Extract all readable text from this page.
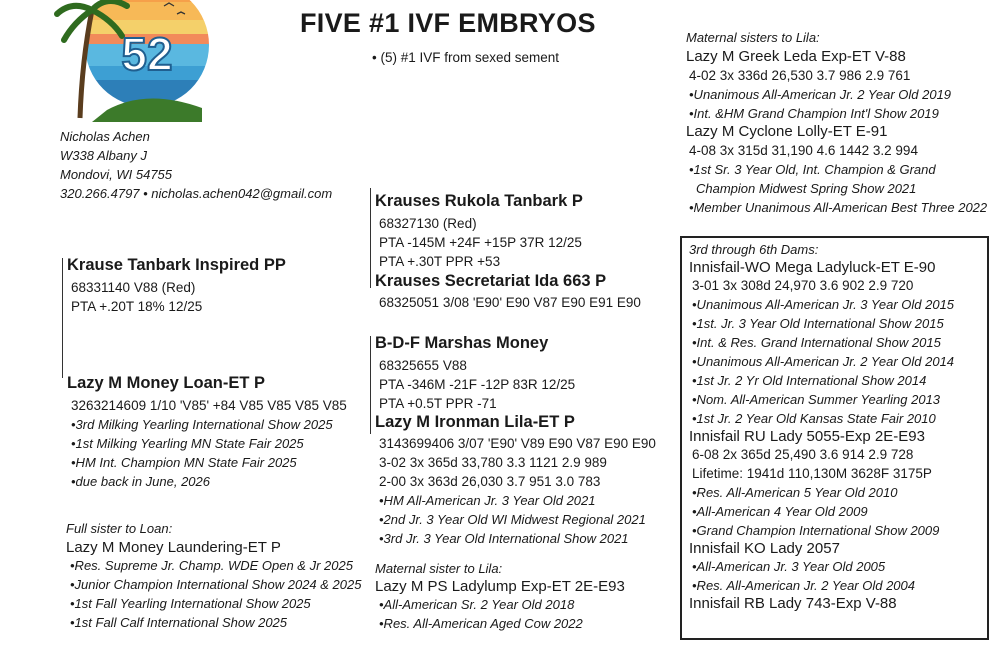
52
FIVE #1 IVF EMBRYOS
• (5) #1 IVF from sexed sement
Nicholas Achen
W338 Albany J
Mondovi, WI 54755
320.266.4797 • nicholas.achen042@gmail.com
Krause Tanbark Inspired PP
68331140 V88 (Red)
PTA +.20T 18% 12/25
Lazy M Money Loan-ET P
3263214609 1/10 'V85' +84 V85 V85 V85 V85
•3rd Milking Yearling International Show 2025
•1st Milking Yearling MN State Fair 2025
•HM Int. Champion MN State Fair 2025
•due back in June, 2026
Full sister to Loan:
Lazy M Money Laundering-ET P
•Res. Supreme Jr. Champ. WDE Open & Jr 2025
•Junior Champion International Show 2024 & 2025
•1st Fall Yearling International Show 2025
•1st Fall Calf International Show 2025
Krauses Rukola Tanbark P
68327130 (Red)
PTA -145M +24F +15P 37R 12/25
PTA +.30T PPR +53
Krauses Secretariat Ida 663 P
68325051 3/08 'E90' E90 V87 E90 E91 E90
B-D-F Marshas Money
68325655 V88
PTA -346M -21F -12P 83R 12/25
PTA +0.5T PPR -71
Lazy M Ironman Lila-ET P
3143699406 3/07 'E90' V89 E90 V87 E90 E90
3-02 3x 365d 33,780 3.3 1121 2.9 989
2-00 3x 363d 26,030 3.7 951 3.0 783
•HM All-American Jr. 3 Year Old 2021
•2nd Jr. 3 Year Old WI Midwest Regional 2021
•3rd Jr. 3 Year Old International Show 2021
Maternal sister to Lila:
Lazy M PS Ladylump Exp-ET 2E-E93
•All-American Sr. 2 Year Old 2018
•Res. All-American Aged Cow 2022
Maternal sisters to Lila:
Lazy M Greek Leda Exp-ET V-88
4-02 3x 336d 26,530 3.7 986 2.9 761
•Unanimous All-American Jr. 2 Year Old 2019
•Int. &HM Grand Champion Int'l Show 2019
Lazy M Cyclone Lolly-ET E-91
4-08 3x 315d 31,190 4.6 1442 3.2 994
•1st Sr. 3 Year Old, Int. Champion & Grand
Champion Midwest Spring Show 2021
•Member Unanimous All-American Best Three 2022
3rd through 6th Dams:
Innisfail-WO Mega Ladyluck-ET E-90
3-01 3x 308d 24,970 3.6 902 2.9 720
•Unanimous All-American Jr. 3 Year Old 2015
•1st. Jr. 3 Year Old International Show 2015
•Int. & Res. Grand International Show 2015
•Unanimous All-American Jr. 2 Year Old 2014
•1st Jr. 2 Yr Old International Show 2014
•Nom. All-American Summer Yearling 2013
•1st Jr. 2 Year Old Kansas State Fair 2010
Innisfail RU Lady 5055-Exp 2E-E93
6-08 2x 365d 25,490 3.6 914 2.9 728
Lifetime: 1941d 110,130M 3628F 3175P
•Res. All-American 5 Year Old 2010
•All-American 4 Year Old 2009
•Grand Champion International Show 2009
Innisfail KO Lady 2057
•All-American Jr. 3 Year Old 2005
•Res. All-American Jr. 2 Year Old 2004
Innisfail RB Lady 743-Exp V-88
